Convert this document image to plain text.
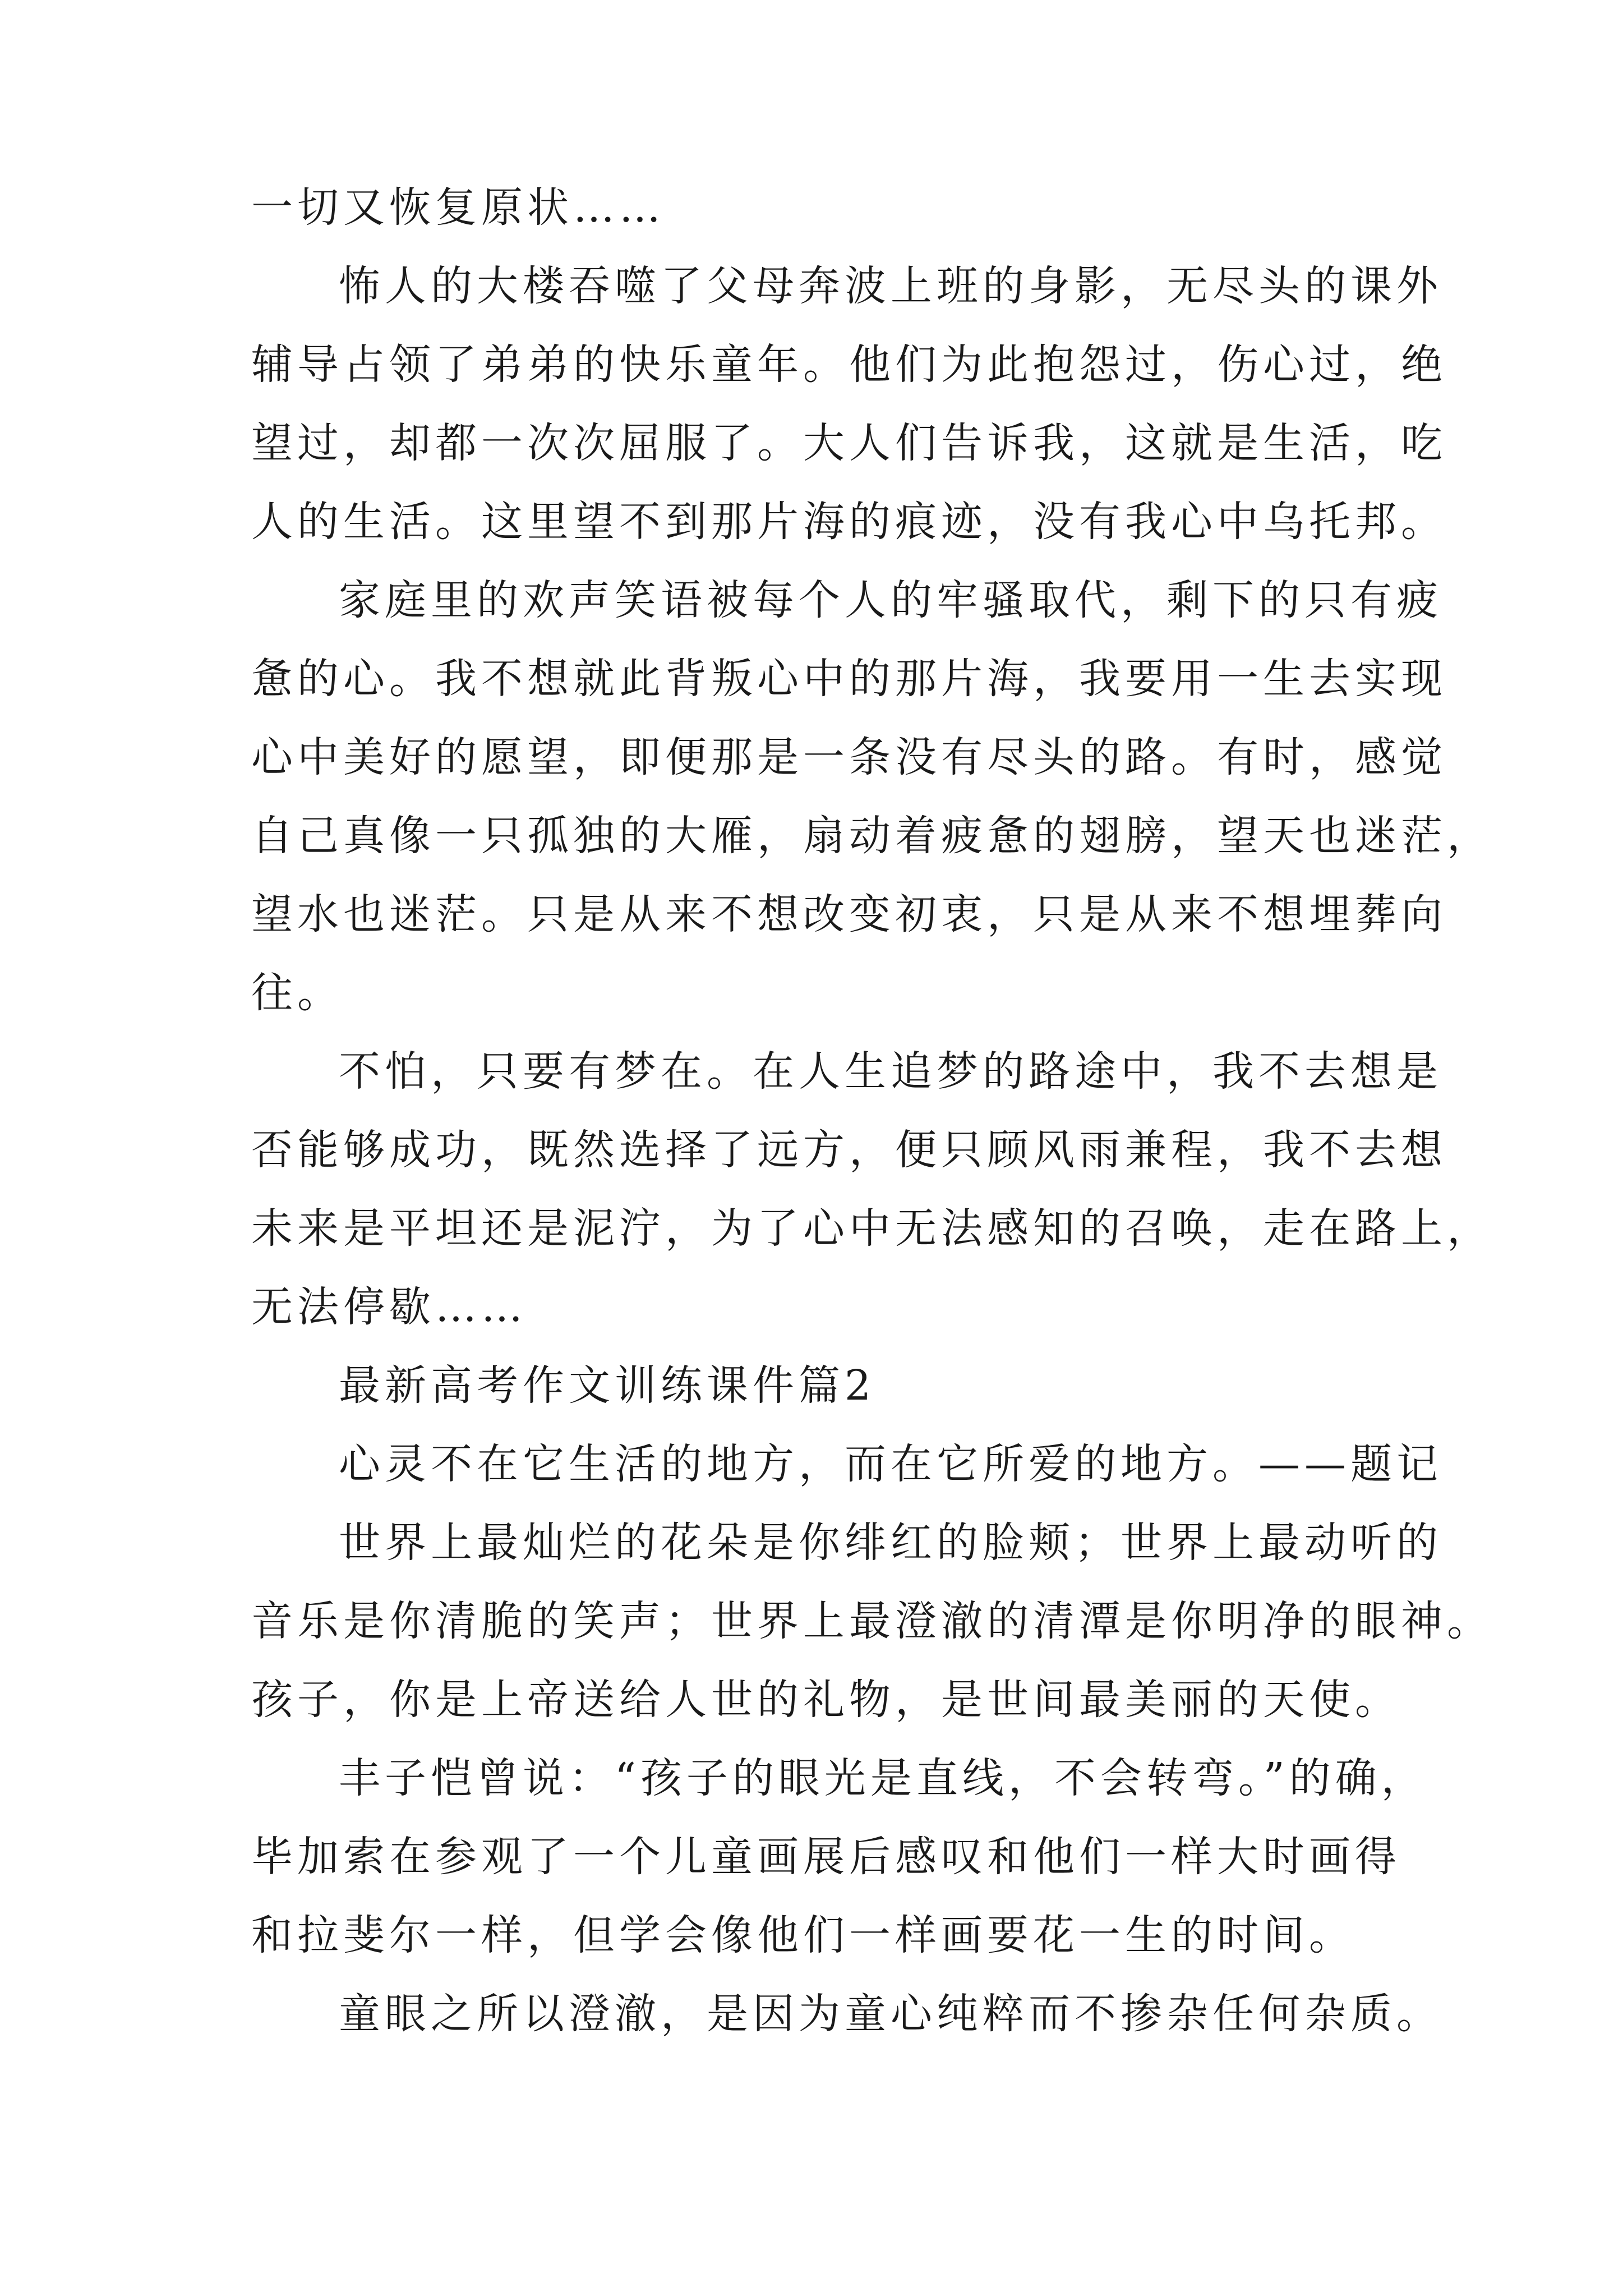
一切又恢复原状……
怖人的大楼吞噬了父母奔波上班的身影，无尽头的课外
辅导占领了弟弟的快乐童年。他们为此抱怨过，伤心过，绝
望过，却都一次次屈服了。大人们告诉我，这就是生活，吃
人的生活。这里望不到那片海的痕迹，没有我心中乌托邦。
家庭里的欢声笑语被每个人的牢骚取代，剩下的只有疲
惫的心。我不想就此背叛心中的那片海，我要用一生去实现
心中美好的愿望，即便那是一条没有尽头的路。有时，感觉
自己真像一只孤独的大雁，扇动着疲惫的翅膀，望天也迷茫，
望水也迷茫。只是从来不想改变初衷，只是从来不想埋葬向
往。
不怕，只要有梦在。在人生追梦的路途中，我不去想是
否能够成功，既然选择了远方，便只顾风雨兼程，我不去想
未来是平坦还是泥泞，为了心中无法感知的召唤，走在路上，
无法停歇……
最新高考作文训练课件篇2
心灵不在它生活的地方，而在它所爱的地方。——题记
世界上最灿烂的花朵是你绯红的脸颊；世界上最动听的
音乐是你清脆的笑声；世界上最澄澈的清潭是你明净的眼神。
孩子，你是上帝送给人世的礼物，是世间最美丽的天使。
丰子恺曾说：“孩子的眼光是直线，不会转弯。”的确，
毕加索在参观了一个儿童画展后感叹和他们一样大时画得
和拉斐尔一样，但学会像他们一样画要花一生的时间。
童眼之所以澄澈，是因为童心纯粹而不掺杂任何杂质。
